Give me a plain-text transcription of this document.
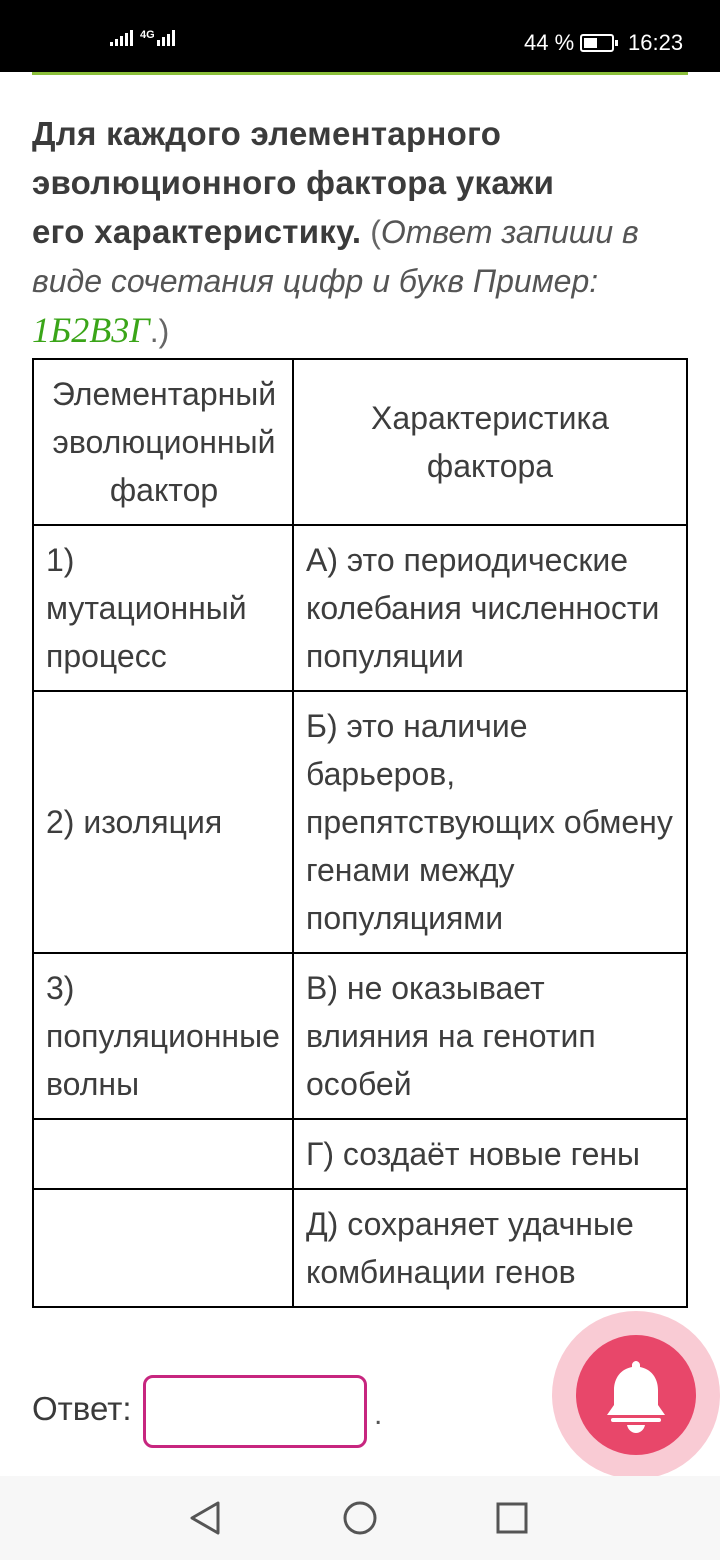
4G	44 % 16:23
Для каждого элементарного
эволюционного фактора укажи
его характеристику. (Ответ запиши в виде сочетания цифр и букв Пример: 1Б2В3Г.)
Элементарный эволюционный фактор	Характеристика фактора
1) мутационный процесс	А) это периодические колебания численности популяции
2) изоляция	Б) это наличие барьеров, препятствующих обмену генами между популяциями
3) популяционные волны	В) не оказывает влияния на генотип особей
	Г) создаёт новые гены
	Д) сохраняет удачные комбинации генов
Ответ:	.
